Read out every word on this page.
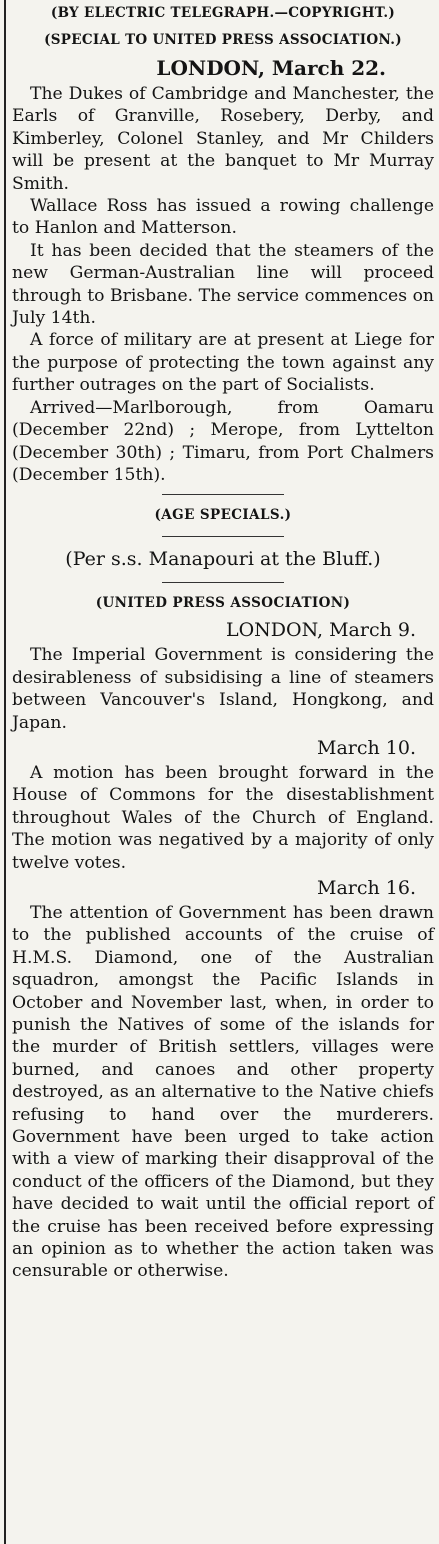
(BY ELECTRIC TELEGRAPH.—COPYRIGHT.)

(SPECIAL TO UNITED PRESS ASSOCIATION.)

LONDON, March 22.

The Dukes of Cambridge and Manchester, the Earls of Granville, Rosebery, Derby, and Kimberley, Colonel Stanley, and Mr Childers will be present at the banquet to Mr Murray Smith.

Wallace Ross has issued a rowing challenge to Hanlon and Matterson.

It has been decided that the steamers of the new German-Australian line will proceed through to Brisbane. The service commences on July 14th.

A force of military are at present at Liege for the purpose of protecting the town against any further outrages on the part of Socialists.

Arrived—Marlborough, from Oamaru (December 22nd) ; Merope, from Lyttelton (December 30th) ; Timaru, from Port Chalmers (December 15th).

(AGE SPECIALS.)

(Per s.s. Manapouri at the Bluff.)

(UNITED PRESS ASSOCIATION)

LONDON, March 9.

The Imperial Government is considering the desirableness of subsidising a line of steamers between Vancouver's Island, Hongkong, and Japan.

March 10.

A motion has been brought forward in the House of Commons for the disestablishment throughout Wales of the Church of England. The motion was negatived by a majority of only twelve votes.

March 16.

The attention of Government has been drawn to the published accounts of the cruise of H.M.S. Diamond, one of the Australian squadron, amongst the Pacific Islands in October and November last, when, in order to punish the Natives of some of the islands for the murder of British settlers, villages were burned, and canoes and other property destroyed, as an alternative to the Native chiefs refusing to hand over the murderers. Government have been urged to take action with a view of marking their disapproval of the conduct of the officers of the Diamond, but they have decided to wait until the official report of the cruise has been received before expressing an opinion as to whether the action taken was censurable or otherwise.
